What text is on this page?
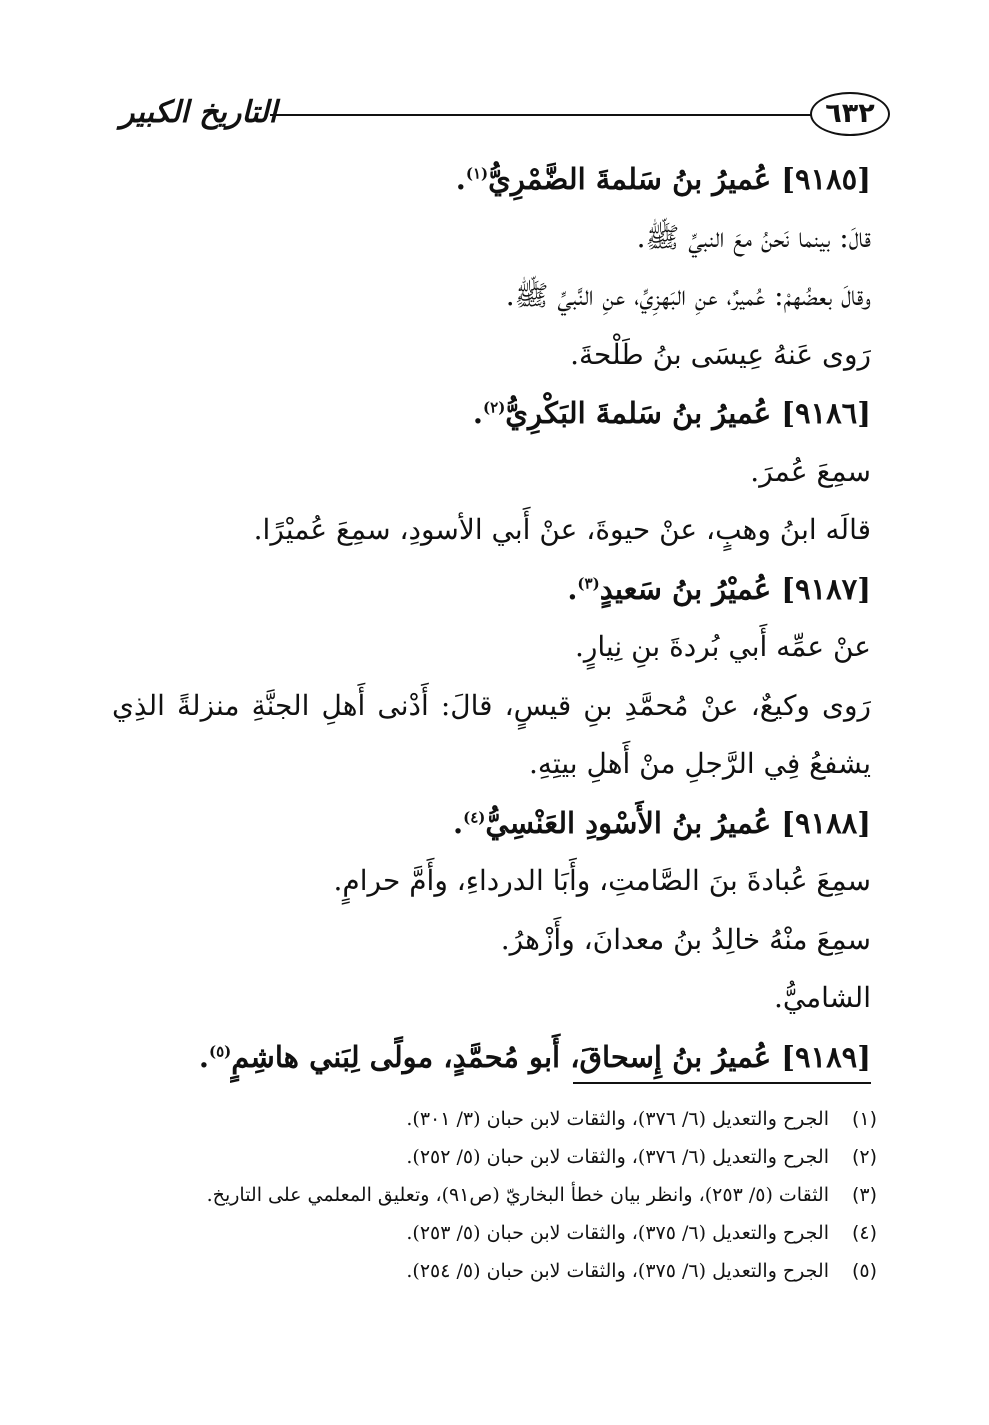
٦٣٢
التاريخ الكبير
[٩١٨٥] عُميرُ بنُ سَلمةَ الضَّمْرِيُّ$^{(١)}$.
قالَ: بينما نَحنُ معَ النبيِّ ﷺ.
وقالَ بعضُهمْ: عُميرٌ، عنِ البَهزِيِّ، عنِ النَّبيِّ ﷺ.
رَوى عَنهُ عِيسَى بنُ طَلْحةَ.
[٩١٨٦] عُميرُ بنُ سَلمةَ البَكْرِيُّ$^{(٢)}$.
سمِعَ عُمرَ.
قالَه ابنُ وهبٍ، عنْ حيوةَ، عنْ أَبي الأسودِ، سمِعَ عُميْرًا.
[٩١٨٧] عُميْرُ بنُ سَعيدٍ$^{(٣)}$.
عنْ عمِّه أَبي بُردةَ بنِ نِيارٍ.
رَوى وكيعٌ، عنْ مُحمَّدِ بنِ قيسٍ، قالَ: أَدْنى أَهلِ الجنَّةِ منزلةً الذِي يشفعُ فِي الرَّجلِ منْ أَهلِ بيتِهِ.
[٩١٨٨] عُميرُ بنُ الأَسْودِ العَنْسِيُّ$^{(٤)}$.
سمِعَ عُبادةَ بنَ الصَّامتِ، وأَبَا الدرداءِ، وأَمَّ حرامٍ.
سمِعَ منْهُ خالِدُ بنُ معدانَ، وأَزْهرُ.
الشاميُّ.
[٩١٨٩] عُميرُ بنُ إِسحاقَ، أَبو مُحمَّدٍ، مولًى لِبَني هاشِمٍ$^{(٥)}$.
(١)الجرح والتعديل (٦/ ٣٧٦)، والثقات لابن حبان (٣/ ٣٠١).
(٢)الجرح والتعديل (٦/ ٣٧٦)، والثقات لابن حبان (٥/ ٢٥٢).
(٣)الثقات (٥/ ٢٥٣)، وانظر بيان خطأ البخاريّ (ص٩١)، وتعليق المعلمي على التاريخ.
(٤)الجرح والتعديل (٦/ ٣٧٥)، والثقات لابن حبان (٥/ ٢٥٣).
(٥)الجرح والتعديل (٦/ ٣٧٥)، والثقات لابن حبان (٥/ ٢٥٤).
